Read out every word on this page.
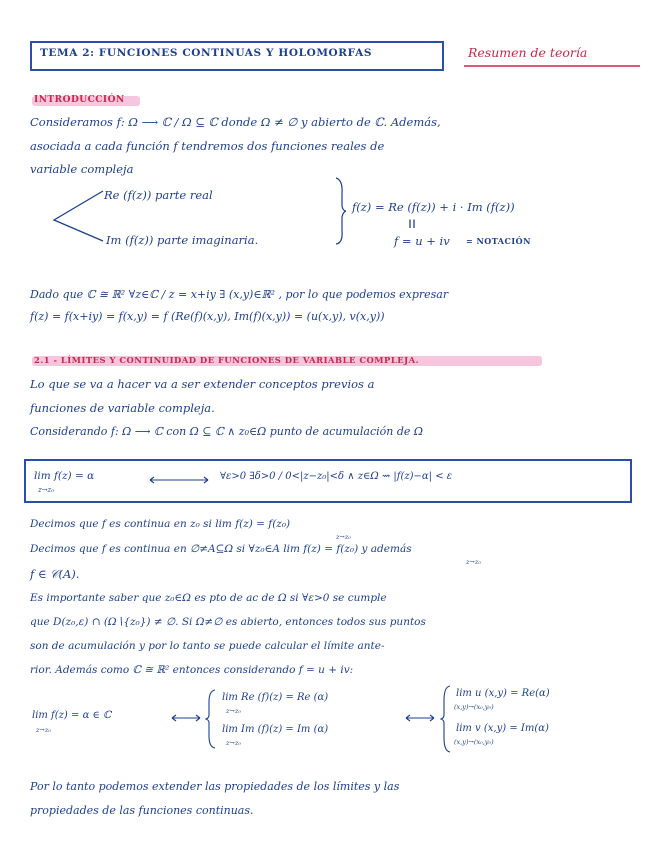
TEMA 2: FUNCIONES CONTINUAS Y HOLOMORFAS	Resumen de teoría
INTRODUCCIÓN
Consideramos f: Ω ⟶ ℂ / Ω ⊆ ℂ donde Ω ≠ ∅ y abierto de ℂ. Además,
asociada a cada función f tendremos dos funciones reales de
variable compleja
Re (f(z)) parte real
Im (f(z)) parte imaginaria.
f(z) = Re (f(z)) + i · Im (f(z))
‖‖
f = u + iv = NOTACIÓN
Dado que ℂ ≅ ℝ² ∀z∈ℂ / z = x+iy ∃ (x,y)∈ℝ² , por lo que podemos expresar
f(z) = f(x+iy) = f(x,y) = f (Re(f)(x,y), Im(f)(x,y)) = (u(x,y), v(x,y))
2.1 - LÍMITES Y CONTINUIDAD DE FUNCIONES DE VARIABLE COMPLEJA.
Lo que se va a hacer va a ser extender conceptos previos a
funciones de variable compleja.
Considerando f: Ω ⟶ ℂ con Ω ⊆ ℂ ∧ z₀∈Ω punto de acumulación de Ω
lim f(z) = α
z→z₀
∀ε>0 ∃δ>0 / 0<|z−z₀|<δ ∧ z∈Ω ⇝ |f(z)−α| < ε
Decimos que f es continua en z₀ si lim f(z) = f(z₀)
z→z₀
Decimos que f es continua en ∅≠A⊆Ω si ∀z₀∈A lim f(z) = f(z₀) y además
z→z₀
f ∈ 𝒞(A).
Es importante saber que z₀∈Ω es pto de ac de Ω si ∀ε>0 se cumple
que D(z₀,ε) ∩ (Ω∖{z₀}) ≠ ∅. Si Ω≠∅ es abierto, entonces todos sus puntos
son de acumulación y por lo tanto se puede calcular el límite ante-
rior. Además como ℂ ≅ ℝ² entonces considerando f = u + iv:
lim f(z) = α ∈ ℂ
z→z₀
lim Re (f)(z) = Re (α)
z→z₀
lim Im (f)(z) = Im (α)
z→z₀
lim u (x,y) = Re(α)
(x,y)→(x₀,y₀)
lim v (x,y) = Im(α)
(x,y)→(x₀,y₀)
Por lo tanto podemos extender las propiedades de los límites y las
propiedades de las funciones continuas.
